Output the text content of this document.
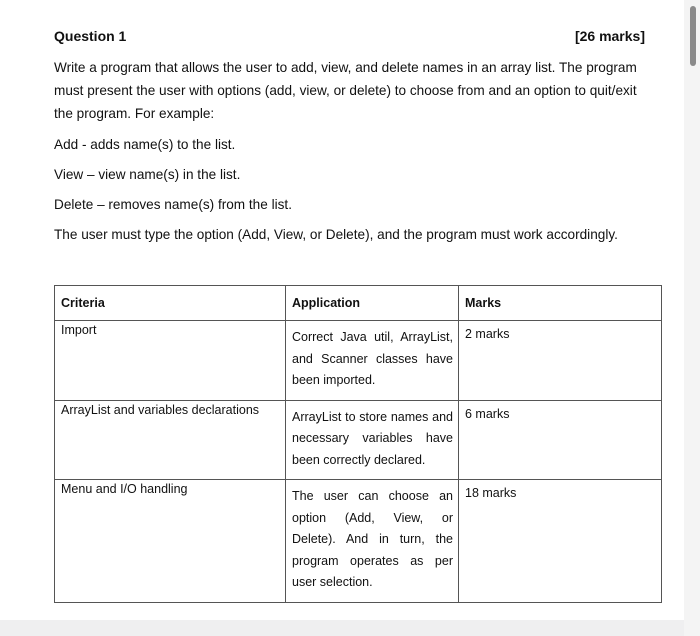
Question 1	[26 marks]

Write a program that allows the user to add, view, and delete names in an array list. The program must present the user with options (add, view, or delete) to choose from and an option to quit/exit the program. For example:

Add - adds name(s) to the list.

View – view name(s) in the list.

Delete – removes name(s) from the list.

The user must type the option (Add, View, or Delete), and the program must work accordingly.

Criteria	Application	Marks
Import	Correct Java util, ArrayList, and Scanner classes have been imported.	2 marks
ArrayList and variables declarations	ArrayList to store names and necessary variables have been correctly declared.	6 marks
Menu and I/O handling	The user can choose an option (Add, View, or Delete). And in turn, the program operates as per user selection.	18 marks
